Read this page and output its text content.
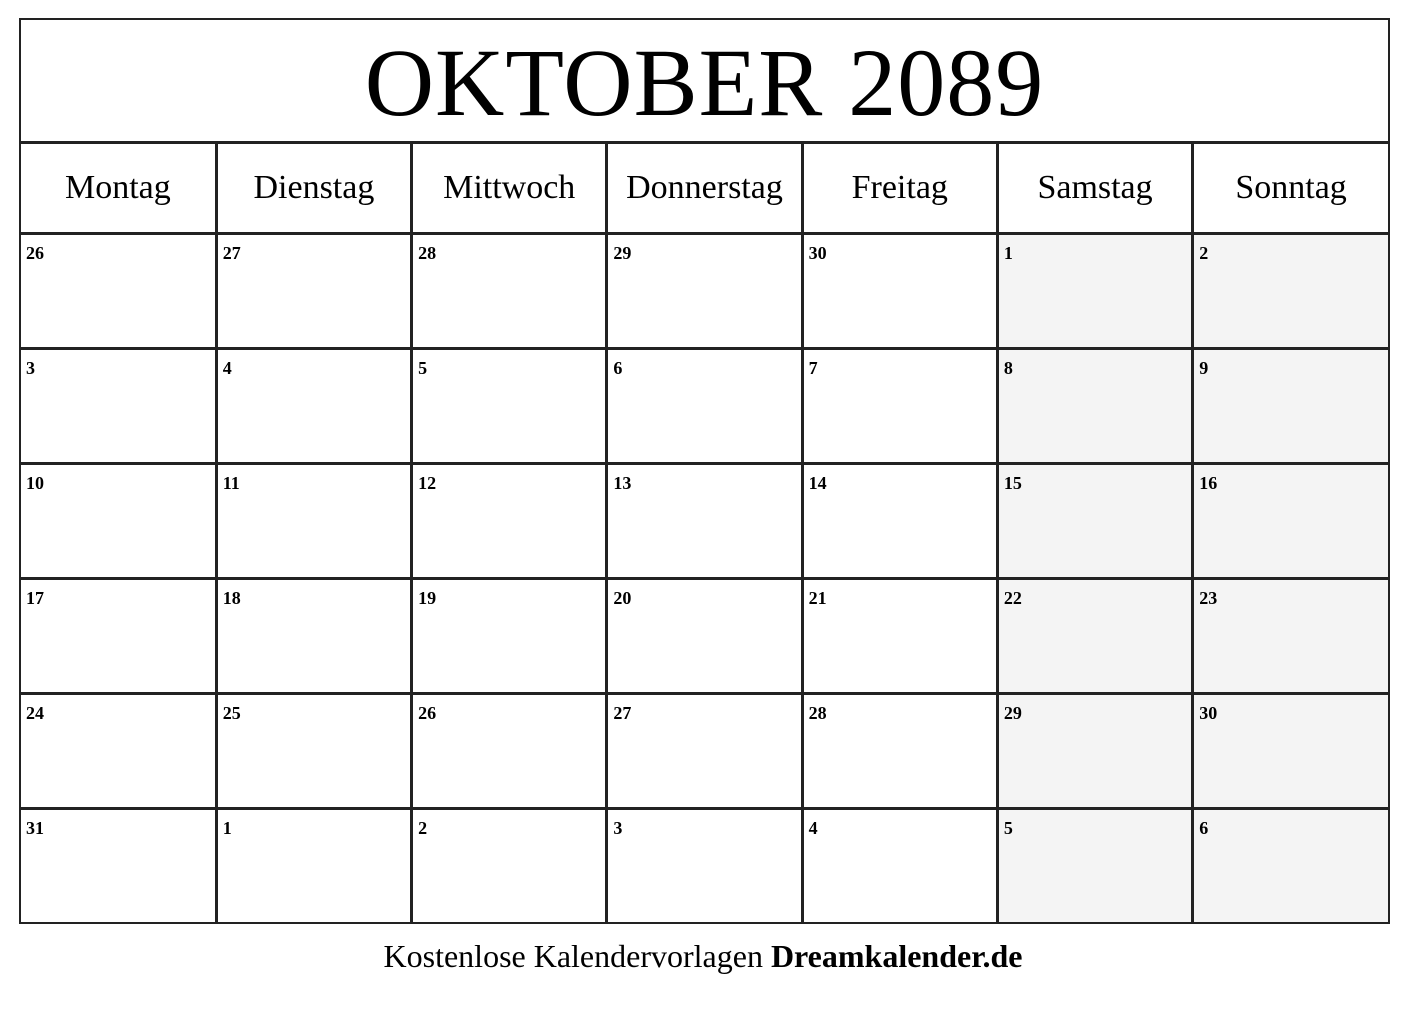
OKTOBER 2089
Montag	Dienstag	Mittwoch	Donnerstag	Freitag	Samstag	Sonntag

26	27	28	29	30	1	2

3	4	5	6	7	8	9

10	11	12	13	14	15	16

17	18	19	20	21	22	23

24	25	26	27	28	29	30

31	1	2	3	4	5	6
Kostenlose Kalendervorlagen Dreamkalender.de
